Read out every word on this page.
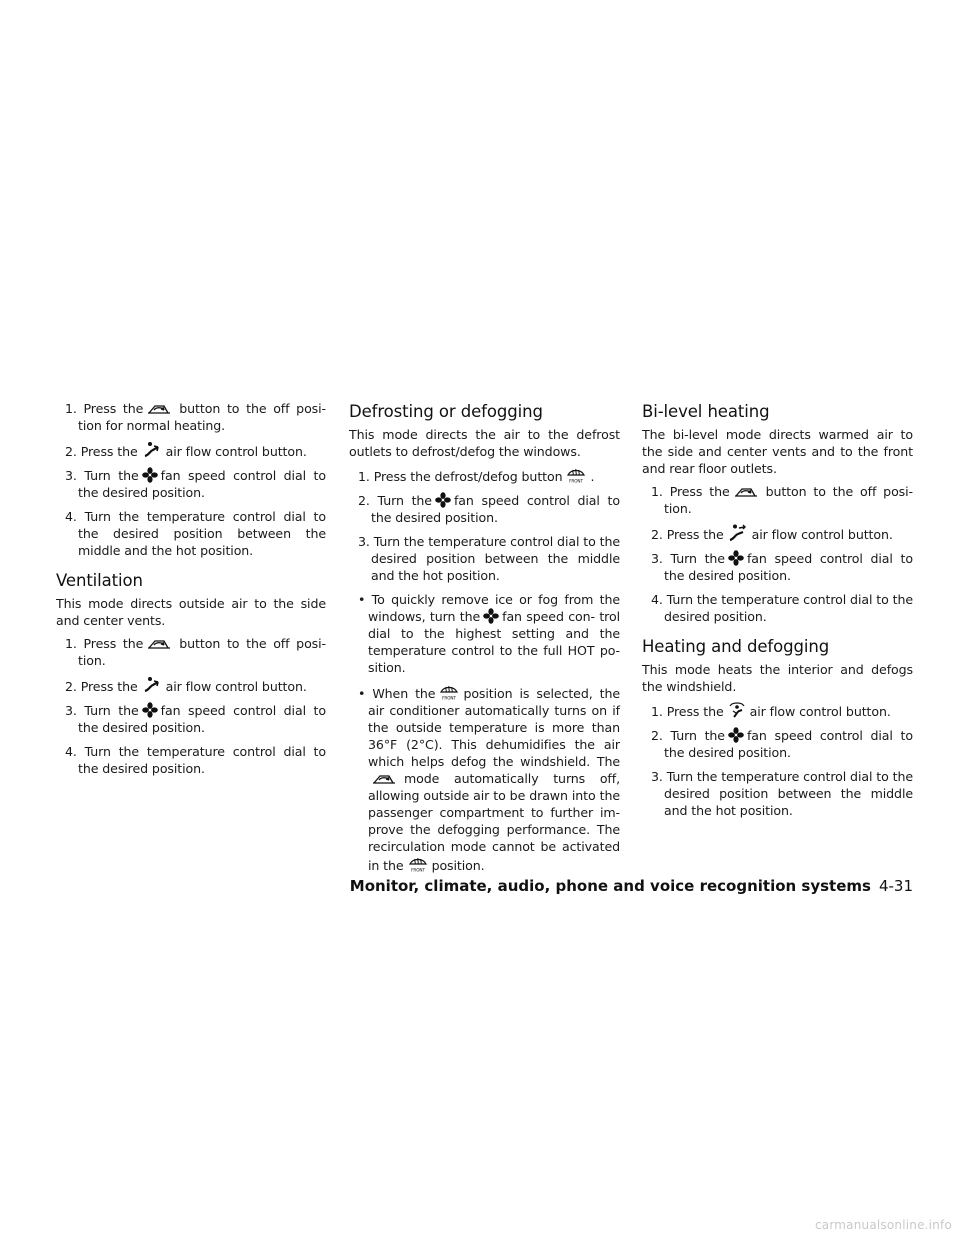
1. Press the	button to the off posi- tion for normal heating.

2. Press the air flow control button.

3. Turn the fan speed control dial to the desired position.

4. Turn the temperature control dial to the desired position between the middle and the hot position.

Ventilation

This mode directs outside air to the side and center vents.

1. Press the	button to the off posi- tion.

2. Press the air flow control button.

3. Turn the fan speed control dial to the desired position.

4. Turn the temperature control dial to the desired position.

Defrosting or defogging

This mode directs the air to the defrost outlets to defrost/defog the windows.

1. Press the defrost/defog button FRONT .

2. Turn the fan speed control dial to the desired position.

3. Turn the temperature control dial to the desired position between the middle and the hot position.

• To quickly remove ice or fog from the windows, turn the fan speed con- trol dial to the highest setting and the temperature control to the full HOT po- sition.

• When the FRONT position is selected, the air conditioner automatically turns on if the outside temperature is more than 36°F (2°C). This dehumidifies the air which helps defog the windshield. The
mode automatically turns off, allowing outside air to be drawn into the passenger compartment to further im- prove the defogging performance. The recirculation mode cannot be activated in the FRONT position.

Bi-level heating

The bi-level mode directs warmed air to the side and center vents and to the front and rear floor outlets.

1. Press the	button to the off posi- tion.

2. Press the air flow control button.

3. Turn the fan speed control dial to the desired position.

4. Turn the temperature control dial to the desired position.

Heating and defogging

This mode heats the interior and defogs the windshield.

1. Press the air flow control button.

2. Turn the fan speed control dial to the desired position.

3. Turn the temperature control dial to the desired position between the middle and the hot position.

Monitor, climate, audio, phone and voice recognition systems 4-31
carmanualsonline.info
